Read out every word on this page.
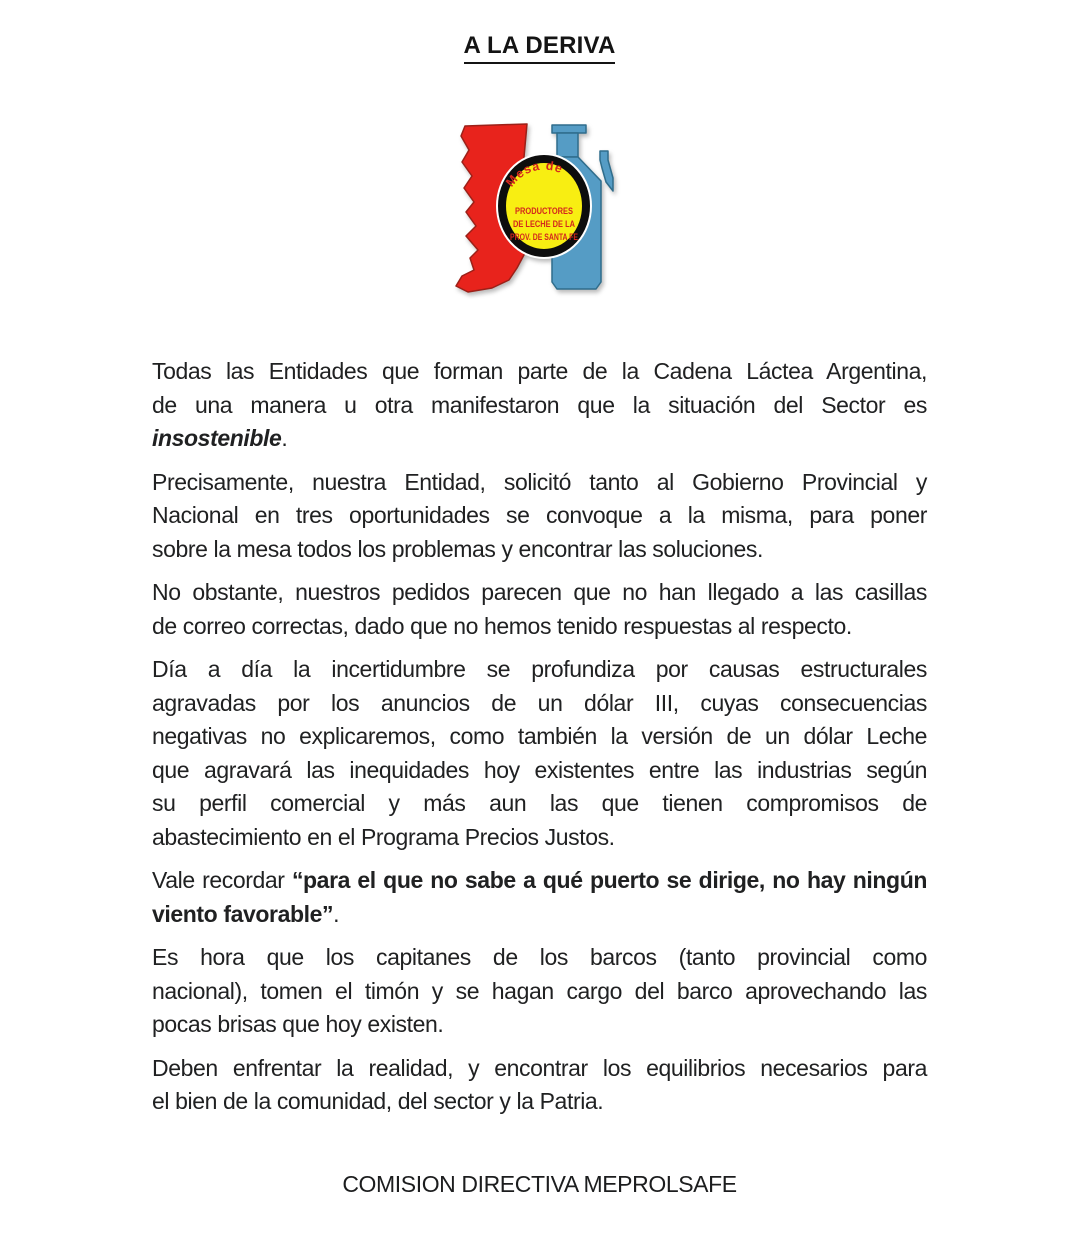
A LA DERIVA
Mesa de
PRODUCTORES
DE LECHE DE LA
PROV. DE SANTA FE

Todas las Entidades que forman parte de la Cadena Láctea Argentina,
de una manera u otra manifestaron que la situación del Sector es
insostenible.

Precisamente, nuestra Entidad, solicitó tanto al Gobierno Provincial y
Nacional en tres oportunidades se convoque a la misma, para poner
sobre la mesa todos los problemas y encontrar las soluciones.

No obstante, nuestros pedidos parecen que no han llegado a las casillas
de correo correctas, dado que no hemos tenido respuestas al respecto.

Día a día la incertidumbre se profundiza por causas estructurales
agravadas por los anuncios de un dólar III, cuyas consecuencias
negativas no explicaremos, como también la versión de un dólar Leche
que agravará las inequidades hoy existentes entre las industrias según
su perfil comercial y más aun las que tienen compromisos de
abastecimiento en el Programa Precios Justos.

Vale recordar “para el que no sabe a qué puerto se dirige, no hay ningún
viento favorable”.

Es hora que los capitanes de los barcos (tanto provincial como
nacional), tomen el timón y se hagan cargo del barco aprovechando las
pocas brisas que hoy existen.

Deben enfrentar la realidad, y encontrar los equilibrios necesarios para
el bien de la comunidad, del sector y la Patria.

COMISION DIRECTIVA MEPROLSAFE
